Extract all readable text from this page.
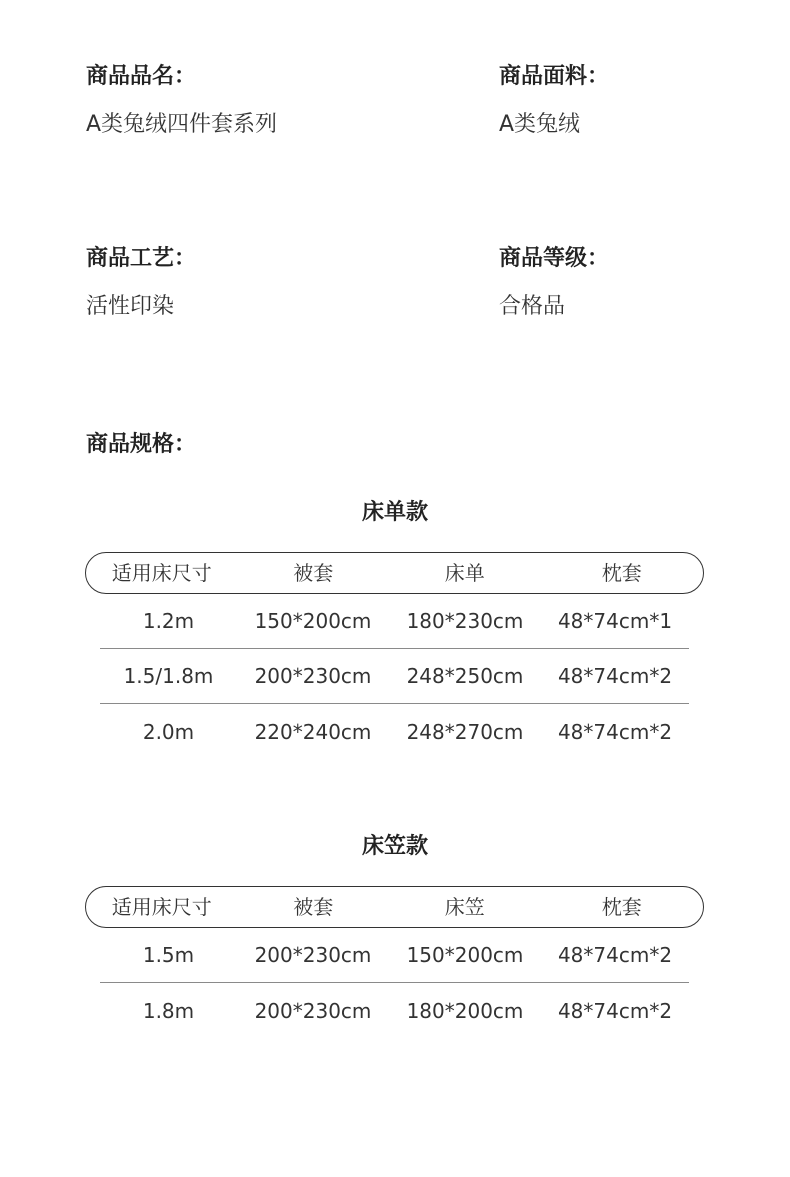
商品品名：
A类兔绒四件套系列
商品面料：
A类兔绒
商品工艺：
活性印染
商品等级：
合格品
商品规格：
床单款
适用床尺寸	被套	床单	枕套
1.2m	150*200cm	180*230cm	48*74cm*1
1.5/1.8m	200*230cm	248*250cm	48*74cm*2
2.0m	220*240cm	248*270cm	48*74cm*2
床笠款
适用床尺寸	被套	床笠	枕套
1.5m	200*230cm	150*200cm	48*74cm*2
1.8m	200*230cm	180*200cm	48*74cm*2
